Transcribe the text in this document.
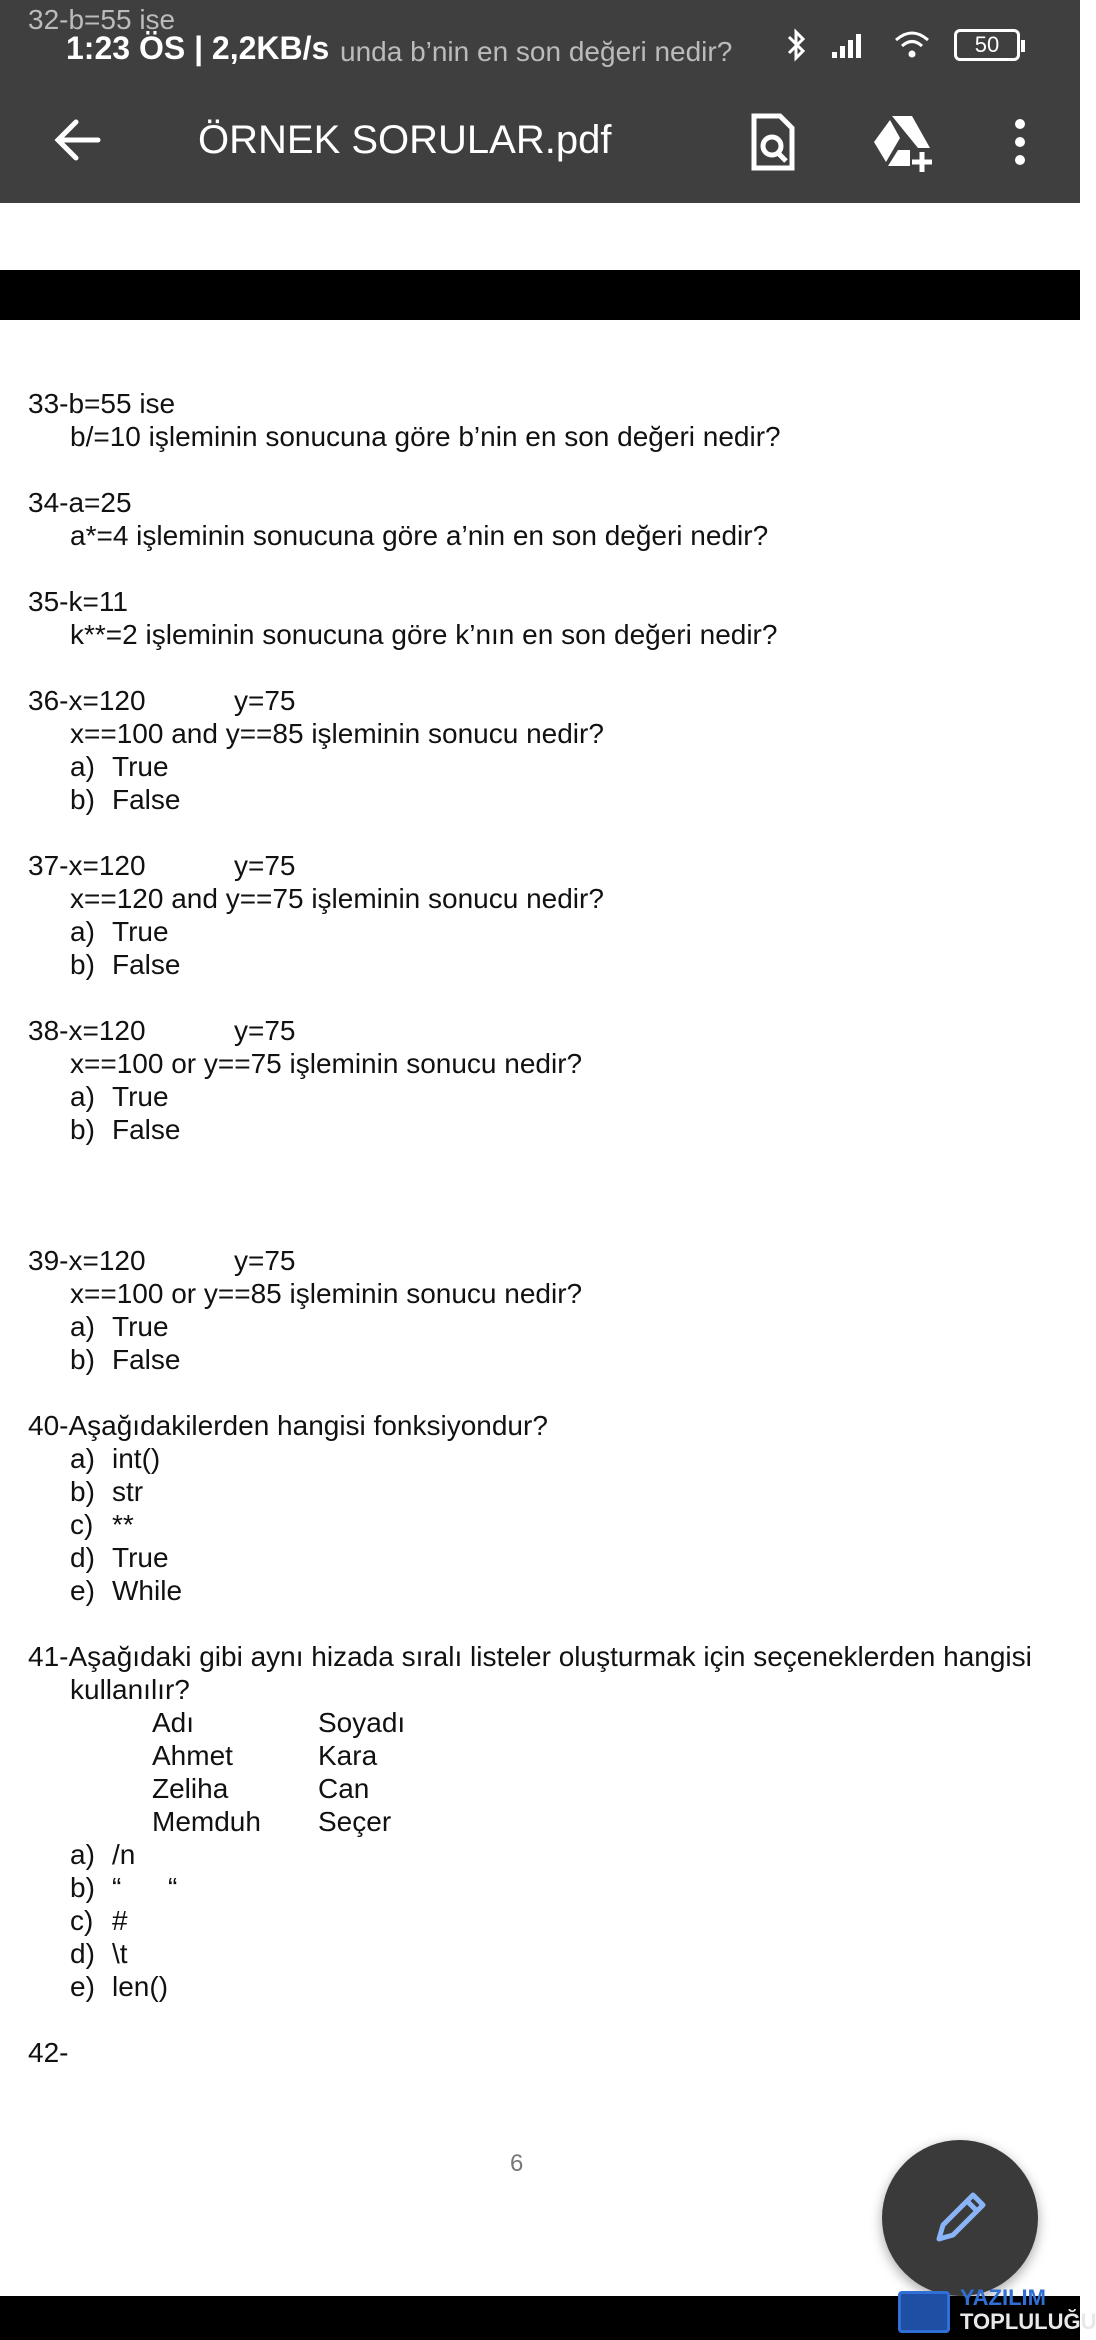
32-b=55 ise
unda b’nin en son değeri nedir?
1:23 ÖS | 2,2KB/s	50
ÖRNEK SORULAR.pdf
33-b=55 ise
b/=10 işleminin sonucuna göre b’nin en son değeri nedir?
34-a=25
a*=4 işleminin sonucuna göre a’nin en son değeri nedir?
35-k=11
k**=2 işleminin sonucuna göre k’nın en son değeri nedir?
36-x=120	y=75
x==100 and y==85 işleminin sonucu nedir?
a) True
b) False
37-x=120	y=75
x==120 and y==75 işleminin sonucu nedir?
a) True
b) False
38-x=120	y=75
x==100 or y==75 işleminin sonucu nedir?
a) True
b) False
39-x=120	y=75
x==100 or y==85 işleminin sonucu nedir?
a) True
b) False
40-Aşağıdakilerden hangisi fonksiyondur?
a) int()
b) str
c) **
d) True
e) While
41-Aşağıdaki gibi aynı hizada sıralı listeler oluşturmak için seçeneklerden hangisi
kullanılır?
Adı	Soyadı
Ahmet	Kara
Zeliha	Can
Memduh Seçer
a) /n
b) “      “
c) #
d) \t
e) len()
42-
6
YAZILIM
TOPLULUĞU
